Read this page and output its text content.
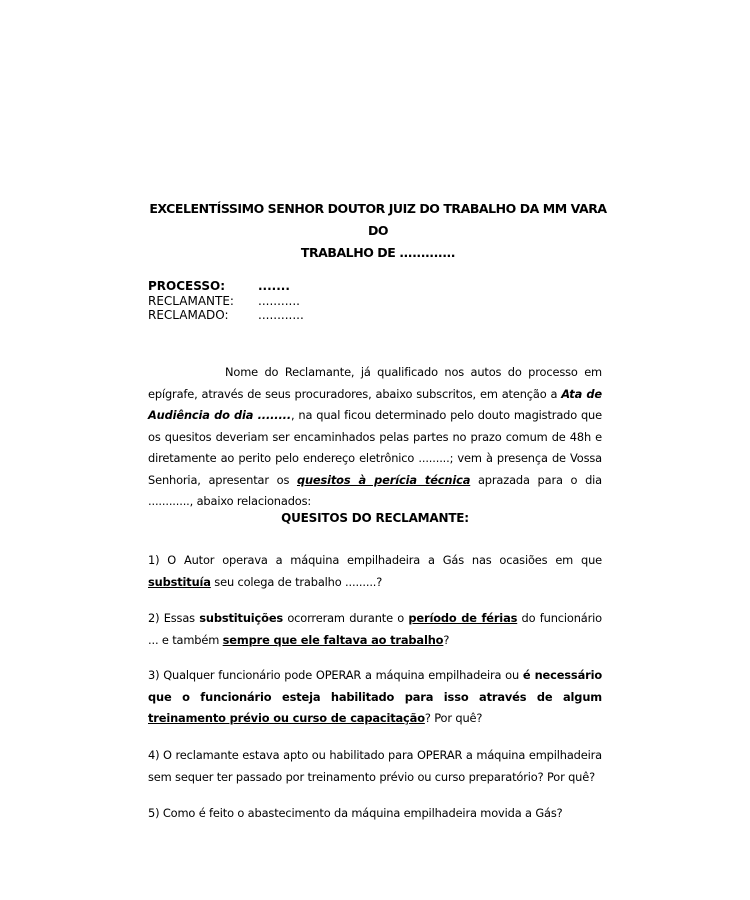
EXCELENTÍSSIMO SENHOR DOUTOR JUIZ DO TRABALHO DA MM VARA DO
TRABALHO DE .............
PROCESSO:	.......
RECLAMANTE:	...........
RECLAMADO:	............

Nome do Reclamante, já qualificado nos autos do processo em epígrafe, através de seus procuradores, abaixo subscritos, em atenção a Ata de Audiência do dia ........, na qual ficou determinado pelo douto magistrado que os quesitos deveriam ser encaminhados pelas partes no prazo comum de 48h e diretamente ao perito pelo endereço eletrônico .........; vem à presença de Vossa Senhoria, apresentar os quesitos à perícia técnica aprazada para o dia ............, abaixo relacionados:

QUESITOS DO RECLAMANTE:

1) O Autor operava a máquina empilhadeira a Gás nas ocasiões em que substituía seu colega de trabalho .........?

2) Essas substituições ocorreram durante o período de férias do funcionário ... e também sempre que ele faltava ao trabalho?

3) Qualquer funcionário pode OPERAR a máquina empilhadeira ou é necessário que o funcionário esteja habilitado para isso através de algum treinamento prévio ou curso de capacitação? Por quê?

4) O reclamante estava apto ou habilitado para OPERAR a máquina empilhadeira sem sequer ter passado por treinamento prévio ou curso preparatório? Por quê?

5) Como é feito o abastecimento da máquina empilhadeira movida a Gás?
